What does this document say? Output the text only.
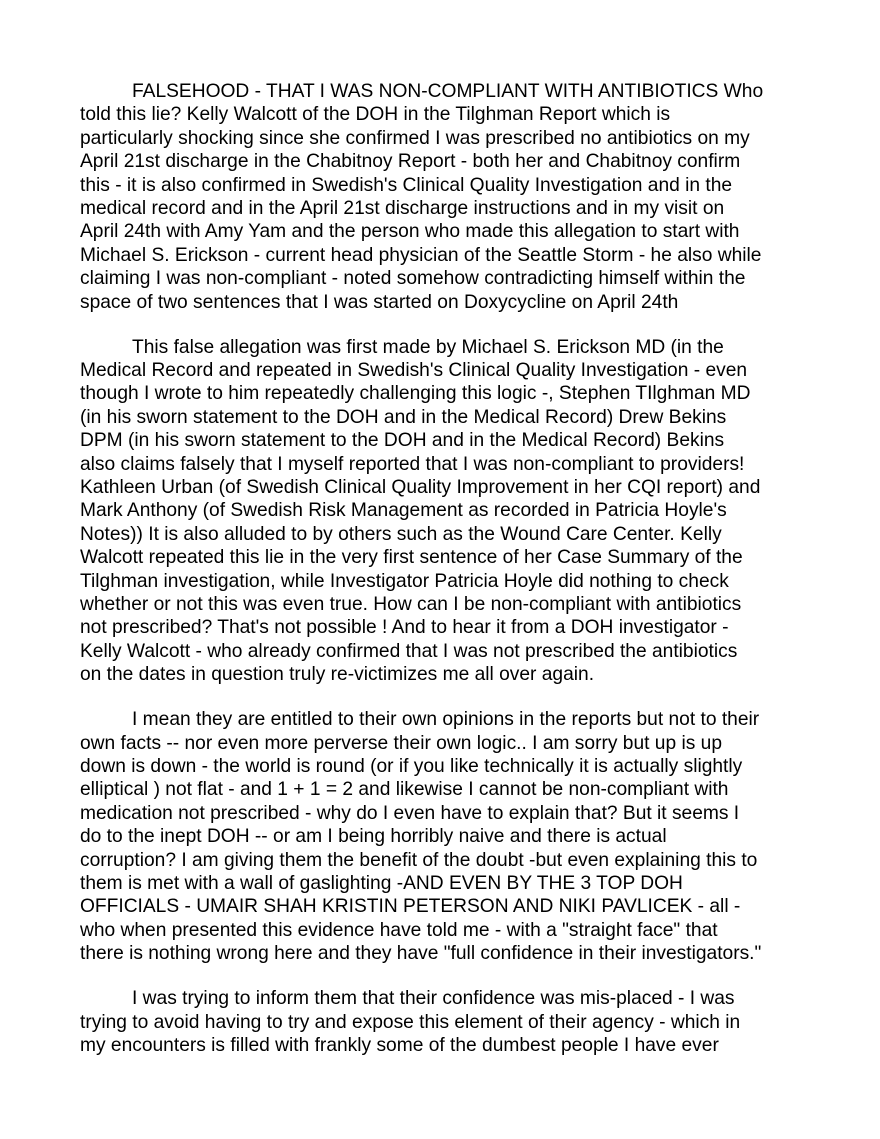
FALSEHOOD - THAT I WAS NON-COMPLIANT WITH ANTIBIOTICS Who
told this lie? Kelly Walcott of the DOH in the Tilghman Report which is
particularly shocking since she confirmed I was prescribed no antibiotics on my
April 21st discharge in the Chabitnoy Report - both her and Chabitnoy confirm
this - it is also confirmed in Swedish's Clinical Quality Investigation and in the
medical record and in the April 21st discharge instructions and in my visit on
April 24th with Amy Yam and the person who made this allegation to start with
Michael S. Erickson - current head physician of the Seattle Storm - he also while
claiming I was non-compliant - noted somehow contradicting himself within the
space of two sentences that I was started on Doxycycline on April 24th

This false allegation was first made by Michael S. Erickson MD (in the
Medical Record and repeated in Swedish's Clinical Quality Investigation - even
though I wrote to him repeatedly challenging this logic -, Stephen TIlghman MD
(in his sworn statement to the DOH and in the Medical Record) Drew Bekins
DPM (in his sworn statement to the DOH and in the Medical Record) Bekins
also claims falsely that I myself reported that I was non-compliant to providers!
Kathleen Urban (of Swedish Clinical Quality Improvement in her CQI report) and
Mark Anthony (of Swedish Risk Management as recorded in Patricia Hoyle's
Notes)) It is also alluded to by others such as the Wound Care Center. Kelly
Walcott repeated this lie in the very first sentence of her Case Summary of the
Tilghman investigation, while Investigator Patricia Hoyle did nothing to check
whether or not this was even true. How can I be non-compliant with antibiotics
not prescribed? That's not possible ! And to hear it from a DOH investigator -
Kelly Walcott - who already confirmed that I was not prescribed the antibiotics
on the dates in question truly re-victimizes me all over again.

I mean they are entitled to their own opinions in the reports but not to their
own facts -- nor even more perverse their own logic.. I am sorry but up is up
down is down - the world is round (or if you like technically it is actually slightly
elliptical ) not flat - and 1 + 1 = 2 and likewise I cannot be non-compliant with
medication not prescribed - why do I even have to explain that? But it seems I
do to the inept DOH -- or am I being horribly naive and there is actual
corruption? I am giving them the benefit of the doubt -but even explaining this to
them is met with a wall of gaslighting -AND EVEN BY THE 3 TOP DOH
OFFICIALS - UMAIR SHAH KRISTIN PETERSON AND NIKI PAVLICEK - all -
who when presented this evidence have told me - with a "straight face" that
there is nothing wrong here and they have "full confidence in their investigators."

I was trying to inform them that their confidence was mis-placed - I was
trying to avoid having to try and expose this element of their agency - which in
my encounters is filled with frankly some of the dumbest people I have ever
